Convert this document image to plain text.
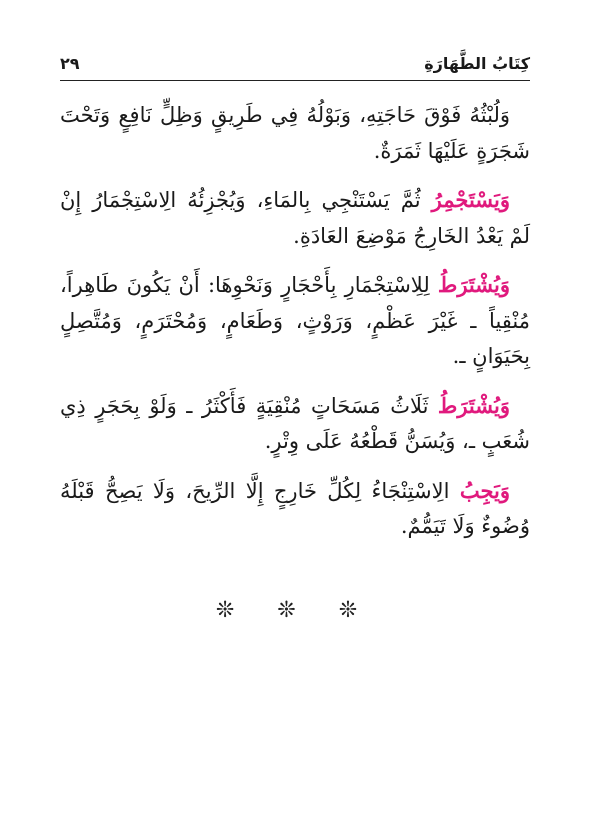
كِتَابُ الطَّهَارَةِ
٢٩

وَلُبْثُهُ فَوْقَ حَاجَتِهِ، وَبَوْلُهُ فِي طَرِيقٍ وَظِلٍّ نَافِعٍ وَتَحْتَ شَجَرَةٍ عَلَيْهَا ثَمَرَةٌ.

وَيَسْتَجْمِرُ ثُمَّ يَسْتَنْجِي بِالمَاءِ، وَيُجْزِئُهُ الِاسْتِجْمَارُ إِنْ لَمْ يَعْدُ الخَارِجُ مَوْضِعَ العَادَةِ.

وَيُشْتَرَطُ لِلِاسْتِجْمَارِ بِأَحْجَارٍ وَنَحْوِهَا: أَنْ يَكُونَ طَاهِراً، مُنْقِياً ـ غَيْرَ عَظْمٍ، وَرَوْثٍ، وَطَعَامٍ، وَمُحْتَرَمٍ، وَمُتَّصِلٍ بِحَيَوَانٍ ـ.

وَيُشْتَرَطُ ثَلَاثُ مَسَحَاتٍ مُنْقِيَةٍ فَأَكْثَرُ ـ وَلَوْ بِحَجَرٍ ذِي شُعَبٍ ـ، وَيُسَنُّ قَطْعُهُ عَلَى وِتْرٍ.

وَيَجِبُ الِاسْتِنْجَاءُ لِكُلِّ خَارِجٍ إِلَّا الرِّيحَ، وَلَا يَصِحُّ قَبْلَهُ وُضُوءٌ وَلَا تَيَمُّمٌ.

❊ ❊ ❊
